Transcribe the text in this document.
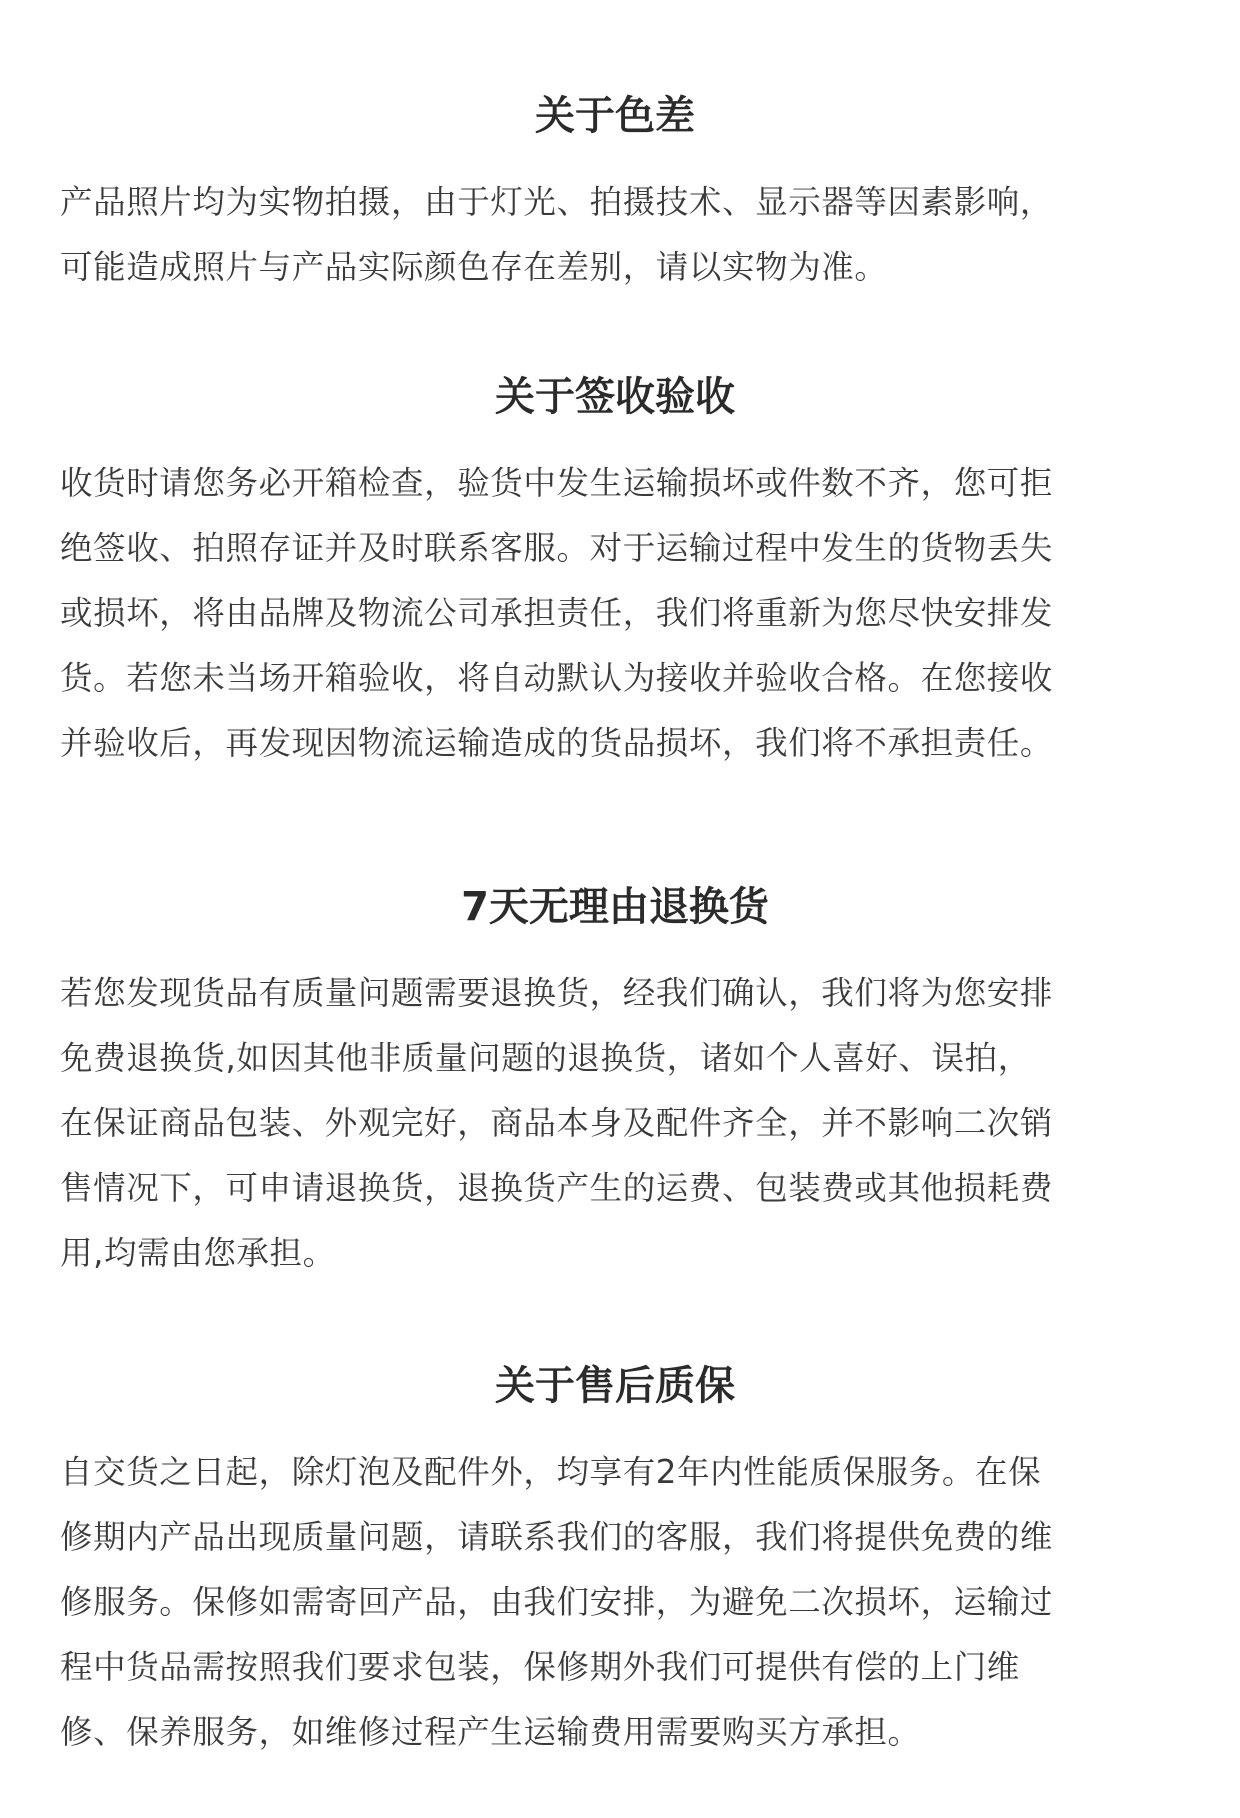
关于色差
产品照片均为实物拍摄，由于灯光、拍摄技术、显示器等因素影响，
可能造成照片与产品实际颜色存在差别，请以实物为准。
关于签收验收
收货时请您务必开箱检查，验货中发生运输损坏或件数不齐，您可拒
绝签收、拍照存证并及时联系客服。对于运输过程中发生的货物丢失
或损坏，将由品牌及物流公司承担责任，我们将重新为您尽快安排发
货。若您未当场开箱验收，将自动默认为接收并验收合格。在您接收
并验收后，再发现因物流运输造成的货品损坏，我们将不承担责任。
7天无理由退换货
若您发现货品有质量问题需要退换货，经我们确认，我们将为您安排
免费退换货,如因其他非质量问题的退换货，诸如个人喜好、误拍，
在保证商品包装、外观完好，商品本身及配件齐全，并不影响二次销
售情况下，可申请退换货，退换货产生的运费、包装费或其他损耗费
用,均需由您承担。
关于售后质保
自交货之日起，除灯泡及配件外，均享有2年内性能质保服务。在保
修期内产品出现质量问题，请联系我们的客服，我们将提供免费的维
修服务。保修如需寄回产品，由我们安排，为避免二次损坏，运输过
程中货品需按照我们要求包装，保修期外我们可提供有偿的上门维
修、保养服务，如维修过程产生运输费用需要购买方承担。
